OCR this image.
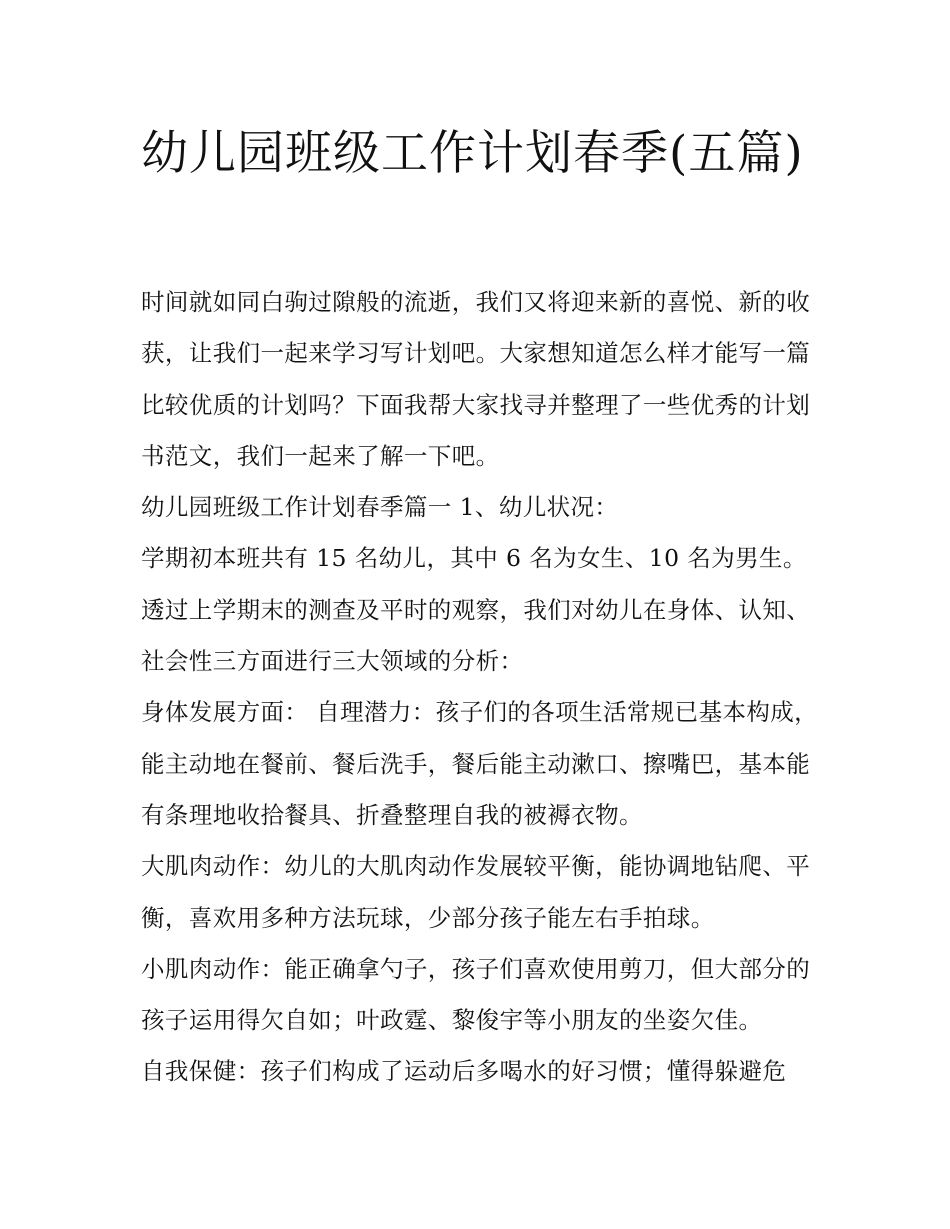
幼儿园班级工作计划春季(五篇)

时间就如同白驹过隙般的流逝，我们又将迎来新的喜悦、新的收获，让我们一起来学习写计划吧。大家想知道怎么样才能写一篇比较优质的计划吗？下面我帮大家找寻并整理了一些优秀的计划书范文，我们一起来了解一下吧。

幼儿园班级工作计划春季篇一 1、幼儿状况：

学期初本班共有 15 名幼儿，其中 6 名为女生、10 名为男生。透过上学期末的测查及平时的观察，我们对幼儿在身体、认知、社会性三方面进行三大领域的分析：

身体发展方面： 自理潜力：孩子们的各项生活常规已基本构成，能主动地在餐前、餐后洗手，餐后能主动漱口、擦嘴巴，基本能有条理地收拾餐具、折叠整理自我的被褥衣物。

大肌肉动作：幼儿的大肌肉动作发展较平衡，能协调地钻爬、平衡，喜欢用多种方法玩球，少部分孩子能左右手拍球。

小肌肉动作：能正确拿勺子，孩子们喜欢使用剪刀，但大部分的孩子运用得欠自如；叶政霆、黎俊宇等小朋友的坐姿欠佳。

自我保健：孩子们构成了运动后多喝水的好习惯；懂得躲避危
